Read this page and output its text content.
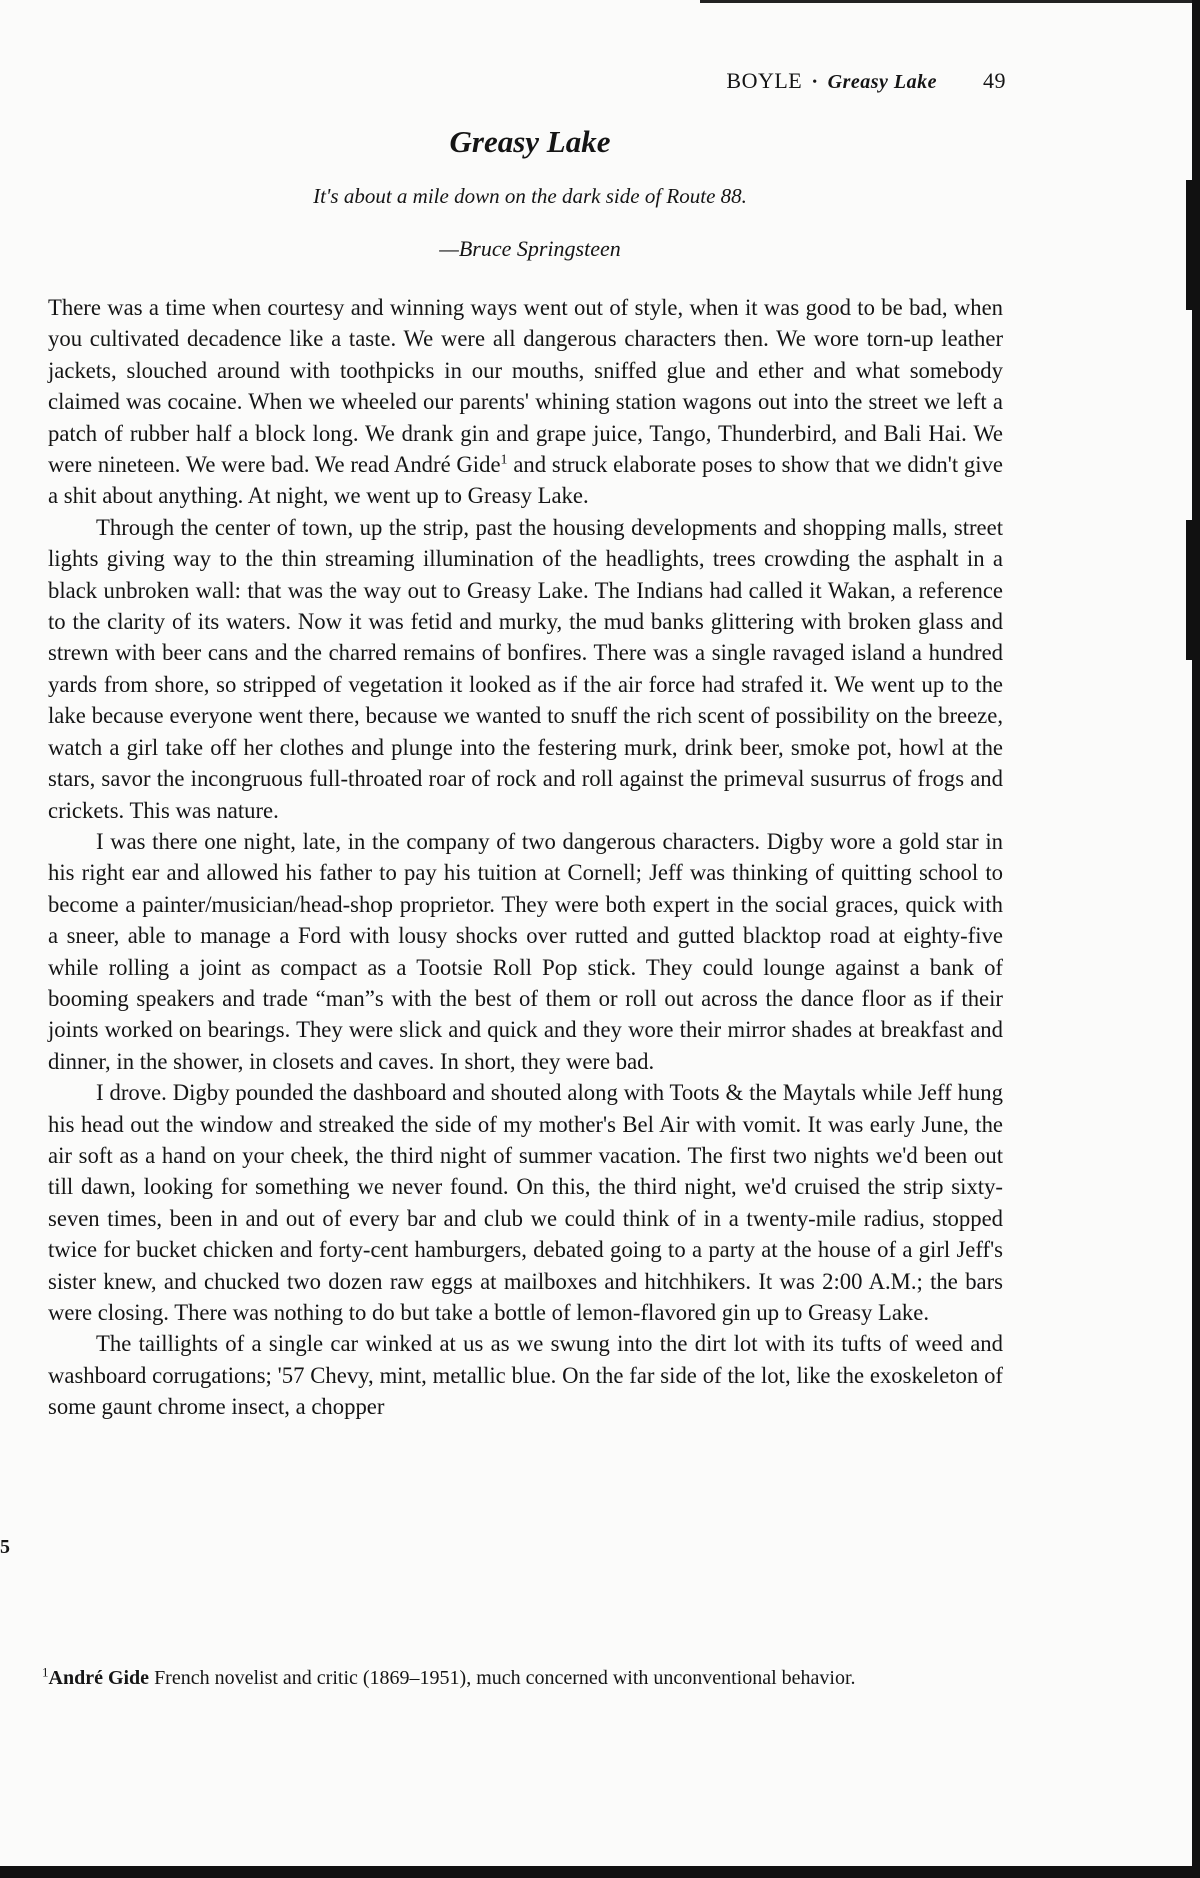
BOYLE • Greasy Lake 49
Greasy Lake
It's about a mile down on the dark side of Route 88.
—Bruce Springsteen

There was a time when courtesy and winning ways went out of style, when it was good to be bad, when you cultivated decadence like a taste. We were all dangerous characters then. We wore torn-up leather jackets, slouched around with toothpicks in our mouths, sniffed glue and ether and what somebody claimed was cocaine. When we wheeled our parents' whining station wagons out into the street we left a patch of rubber half a block long. We drank gin and grape juice, Tango, Thunderbird, and Bali Hai. We were nineteen. We were bad. We read André Gide$^1$ and struck elaborate poses to show that we didn't give a shit about anything. At night, we went up to Greasy Lake.

Through the center of town, up the strip, past the housing developments and shopping malls, street lights giving way to the thin streaming illumination of the headlights, trees crowding the asphalt in a black unbroken wall: that was the way out to Greasy Lake. The Indians had called it Wakan, a reference to the clarity of its waters. Now it was fetid and murky, the mud banks glittering with broken glass and strewn with beer cans and the charred remains of bonfires. There was a single ravaged island a hundred yards from shore, so stripped of vegetation it looked as if the air force had strafed it. We went up to the lake because everyone went there, because we wanted to snuff the rich scent of possibility on the breeze, watch a girl take off her clothes and plunge into the festering murk, drink beer, smoke pot, howl at the stars, savor the incongruous full-throated roar of rock and roll against the primeval susurrus of frogs and crickets. This was nature.

I was there one night, late, in the company of two dangerous characters. Digby wore a gold star in his right ear and allowed his father to pay his tuition at Cornell; Jeff was thinking of quitting school to become a painter/musician/head-shop proprietor. They were both expert in the social graces, quick with a sneer, able to manage a Ford with lousy shocks over rutted and gutted blacktop road at eighty-five while rolling a joint as compact as a Tootsie Roll Pop stick. They could lounge against a bank of booming speakers and trade “man”s with the best of them or roll out across the dance floor as if their joints worked on bearings. They were slick and quick and they wore their mirror shades at breakfast and dinner, in the shower, in closets and caves. In short, they were bad.

I drove. Digby pounded the dashboard and shouted along with Toots & the Maytals while Jeff hung his head out the window and streaked the side of my mother's Bel Air with vomit. It was early June, the air soft as a hand on your cheek, the third night of summer vacation. The first two nights we'd been out till dawn, looking for something we never found. On this, the third night, we'd cruised the strip sixty-seven times, been in and out of every bar and club we could think of in a twenty-mile radius, stopped twice for bucket chicken and forty-cent hamburgers, debated going to a party at the house of a girl Jeff's sister knew, and chucked two dozen raw eggs at mailboxes and hitchhikers. It was 2:00 A.M.; the bars were closing. There was nothing to do but take a bottle of lemon-flavored gin up to Greasy Lake.

The taillights of a single car winked at us as we swung into the dirt lot with its tufts of weed and washboard corrugations; '57 Chevy, mint, metallic blue. On the far side of the lot, like the exoskeleton of some gaunt chrome insect, a chopper

5
$^1$André Gide French novelist and critic (1869–1951), much concerned with unconventional behavior.
